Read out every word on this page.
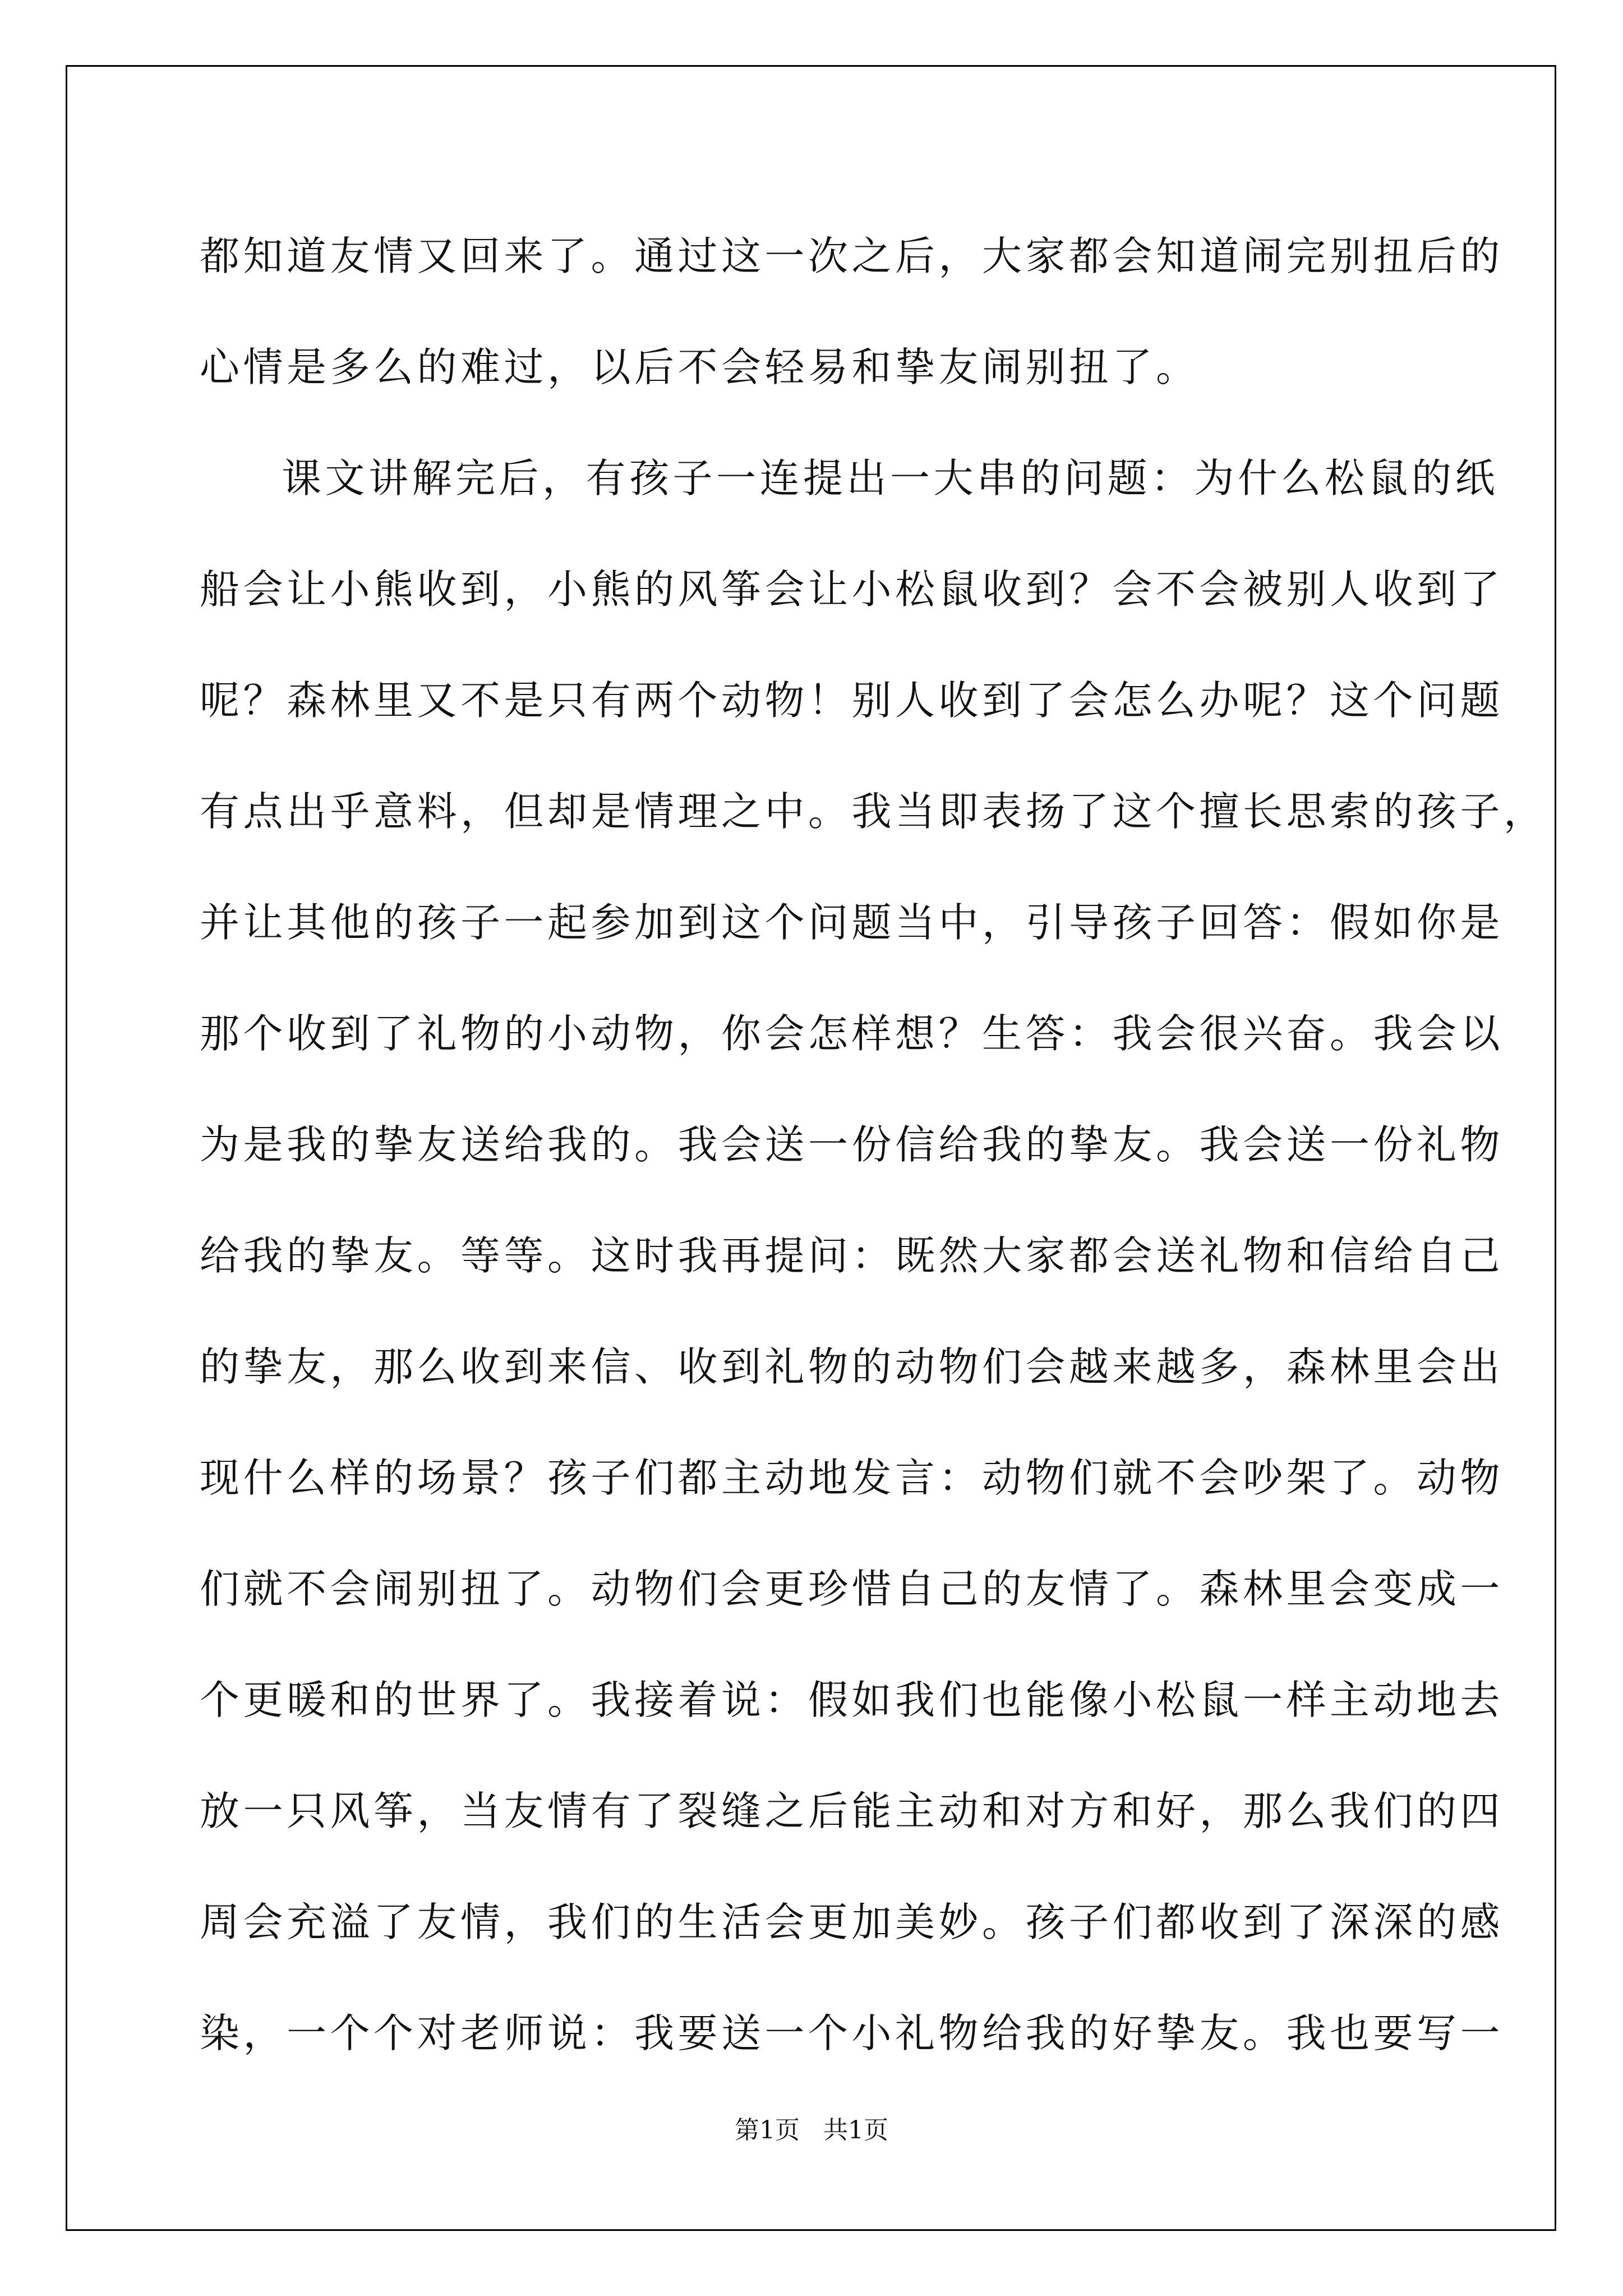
都知道友情又回来了。通过这一次之后，大家都会知道闹完别扭后的
心情是多么的难过，以后不会轻易和挚友闹别扭了。
课文讲解完后，有孩子一连提出一大串的问题：为什么松鼠的纸
船会让小熊收到，小熊的风筝会让小松鼠收到？会不会被别人收到了
呢？森林里又不是只有两个动物！别人收到了会怎么办呢？这个问题
有点出乎意料，但却是情理之中。我当即表扬了这个擅长思索的孩子，
并让其他的孩子一起参加到这个问题当中，引导孩子回答：假如你是
那个收到了礼物的小动物，你会怎样想？生答：我会很兴奋。我会以
为是我的挚友送给我的。我会送一份信给我的挚友。我会送一份礼物
给我的挚友。等等。这时我再提问：既然大家都会送礼物和信给自己
的挚友，那么收到来信、收到礼物的动物们会越来越多，森林里会出
现什么样的场景？孩子们都主动地发言：动物们就不会吵架了。动物
们就不会闹别扭了。动物们会更珍惜自己的友情了。森林里会变成一
个更暖和的世界了。我接着说：假如我们也能像小松鼠一样主动地去
放一只风筝，当友情有了裂缝之后能主动和对方和好，那么我们的四
周会充溢了友情，我们的生活会更加美妙。孩子们都收到了深深的感
染，一个个对老师说：我要送一个小礼物给我的好挚友。我也要写一
第1页 共1页
